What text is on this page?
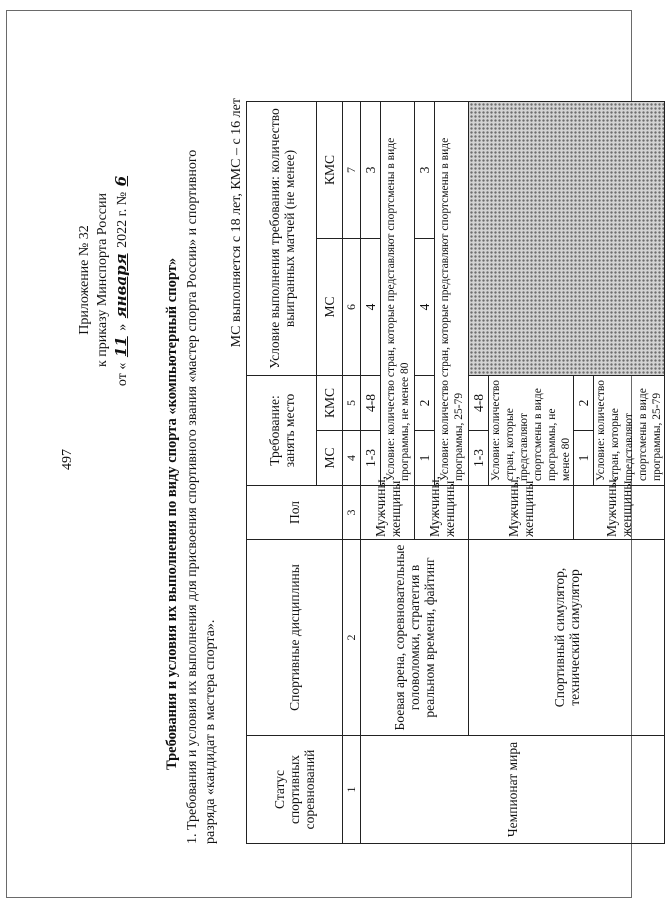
497
Приложение № 32 к приказу Минспорта России
от « 11 » января 2022 г. № 6
Требования и условия их выполнения по виду спорта «компьютерный спорт» 1. Требования и условия их выполнения для присвоения спортивного звания «мастер спорта России» и спортивного разряда «кандидат в мастера спорта».
МС выполняется с 18 лет, КМС – с 16 лет
Статус спортивных соревнований	Спортивные дисциплины	Пол	Требование: занять место		Условие выполнения требования: количество выигранных матчей (не менее)	
			МС	КМС	МС	КМС
1	2	3	4	5	6	7
Чемпионат мира	Боевая арена, соревновательные головоломки, стратегия в реальном времени, файтинг	Мужчины, женщины	1-3	4-8	4	3
			Условие: количество стран, которые представляют спортсмены в виде программы, не менее 80			
		Мужчины, женщины	1	2	4	3
			Условие: количество стран, которые представляют спортсмены в виде программы, 25-79			
	Спортивный симулятор, технический симулятор	Мужчины, женщины	1-3	4-8		
			Условие: количество стран, которые представляют спортсмены в виде программы, не менее 80			
		Мужчины, женщины	1	2		
			Условие: количество стран, которые представляют спортсмены в виде программы, 25-79			
